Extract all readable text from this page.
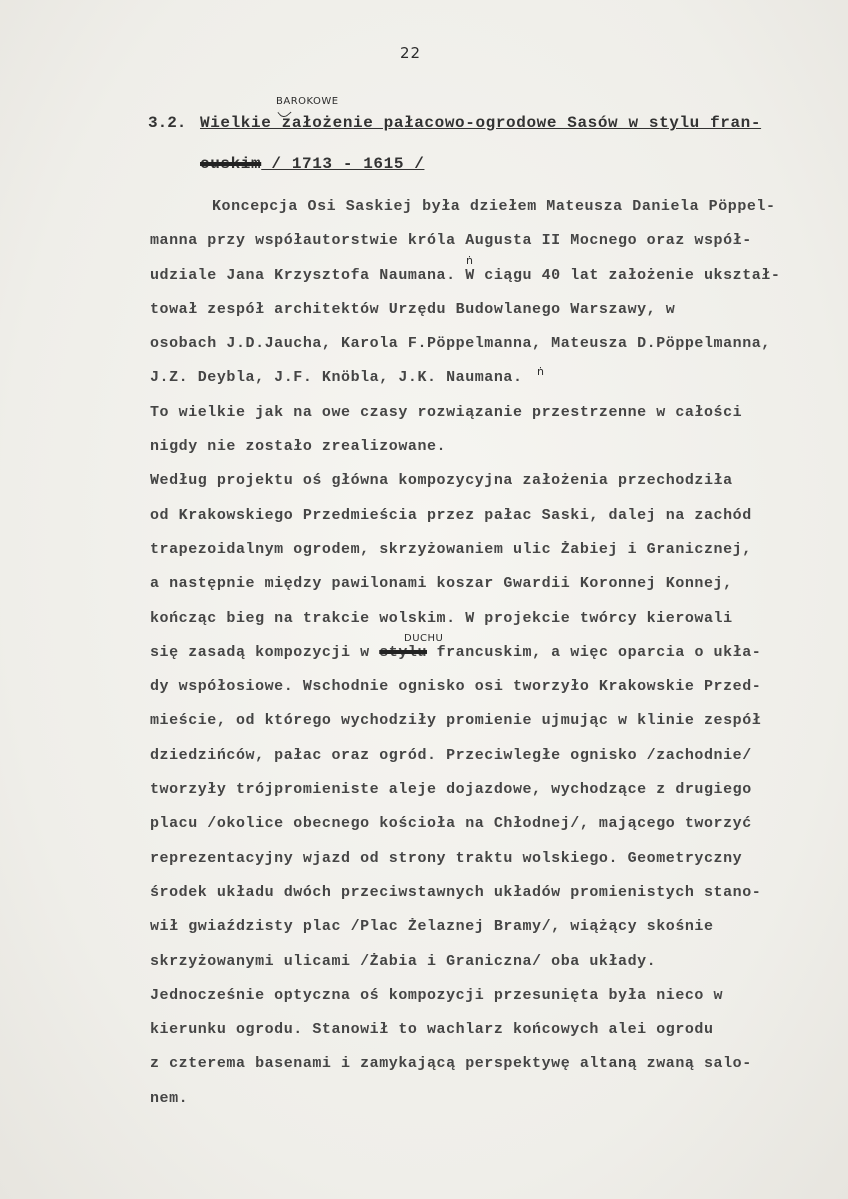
22
3.2.
BAROKOWE
Wielkie założenie pałacowo-ogrodowe Sasów w stylu fran-
cuskim / 1713 - 1615 /
ṅ
ṅ
DUCHU
Koncepcja Osi Saskiej była dziełem Mateusza Daniela Pöppel-
manna przy współautorstwie króla Augusta II Mocnego oraz współ-
udziale Jana Krzysztofa Naumana. W ciągu 40 lat założenie ukształ-
tował zespół architektów Urzędu Budowlanego Warszawy, w
osobach J.D.Jaucha, Karola F.Pöppelmanna, Mateusza D.Pöppelmanna,
J.Z. Deybla, J.F. Knöbla, J.K. Naumana.
To wielkie jak na owe czasy rozwiązanie przestrzenne w całości
nigdy nie zostało zrealizowane.
Według projektu oś główna kompozycyjna założenia przechodziła
od Krakowskiego Przedmieścia przez pałac Saski, dalej na zachód
trapezoidalnym ogrodem, skrzyżowaniem ulic Żabiej i Granicznej,
a następnie między pawilonami koszar Gwardii Koronnej Konnej,
kończąc bieg na trakcie wolskim. W projekcie twórcy kierowali
się zasadą kompozycji w stylu francuskim, a więc oparcia o ukła-
dy współosiowe. Wschodnie ognisko osi tworzyło Krakowskie Przed-
mieście, od którego wychodziły promienie ujmując w klinie zespół
dziedzińców, pałac oraz ogród. Przeciwległe ognisko /zachodnie/
tworzyły trójpromieniste aleje dojazdowe, wychodzące z drugiego
placu /okolice obecnego kościoła na Chłodnej/, mającego tworzyć
reprezentacyjny wjazd od strony traktu wolskiego. Geometryczny
środek układu dwóch przeciwstawnych układów promienistych stano-
wił gwiaździsty plac /Plac Żelaznej Bramy/, wiążący skośnie
skrzyżowanymi ulicami /Żabia i Graniczna/ oba układy.
Jednocześnie optyczna oś kompozycji przesunięta była nieco w
kierunku ogrodu. Stanowił to wachlarz końcowych alei ogrodu
z czterema basenami i zamykającą perspektywę altaną zwaną salo-
nem.
